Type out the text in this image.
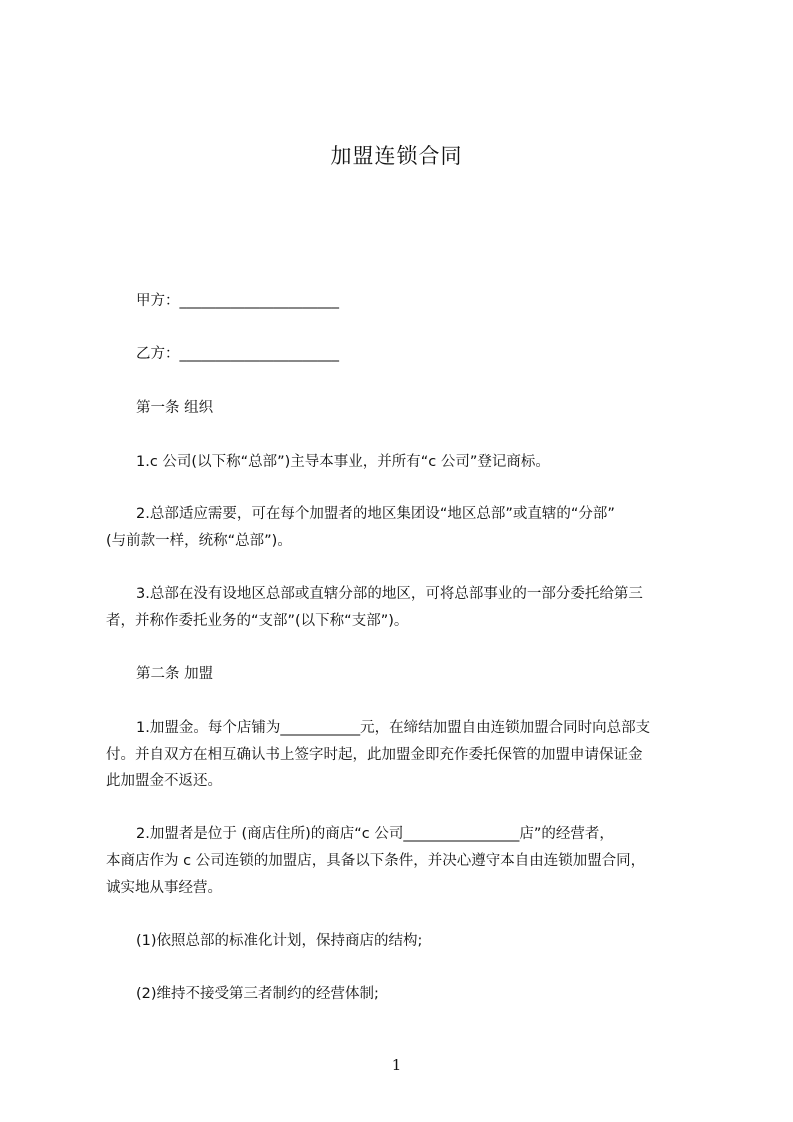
加盟连锁合同
甲方：______________________
乙方：______________________
第一条 组织
1.c 公司(以下称“总部”)主导本事业，并所有“c 公司”登记商标。
2.总部适应需要，可在每个加盟者的地区集团设“地区总部”或直辖的“分部”
(与前款一样，统称“总部”)。
3.总部在没有设地区总部或直辖分部的地区，可将总部事业的一部分委托给第三
者，并称作委托业务的“支部”(以下称“支部”)。
第二条 加盟
1.加盟金。每个店铺为___________元，在缔结加盟自由连锁加盟合同时向总部支
付。并自双方在相互确认书上签字时起，此加盟金即充作委托保管的加盟申请保证金
此加盟金不返还。
2.加盟者是位于 (商店住所)的商店“c 公司________________店”的经营者，
本商店作为 c 公司连锁的加盟店，具备以下条件，并决心遵守本自由连锁加盟合同，
诚实地从事经营。
(1)依照总部的标准化计划，保持商店的结构;
(2)维持不接受第三者制约的经营体制;
1
